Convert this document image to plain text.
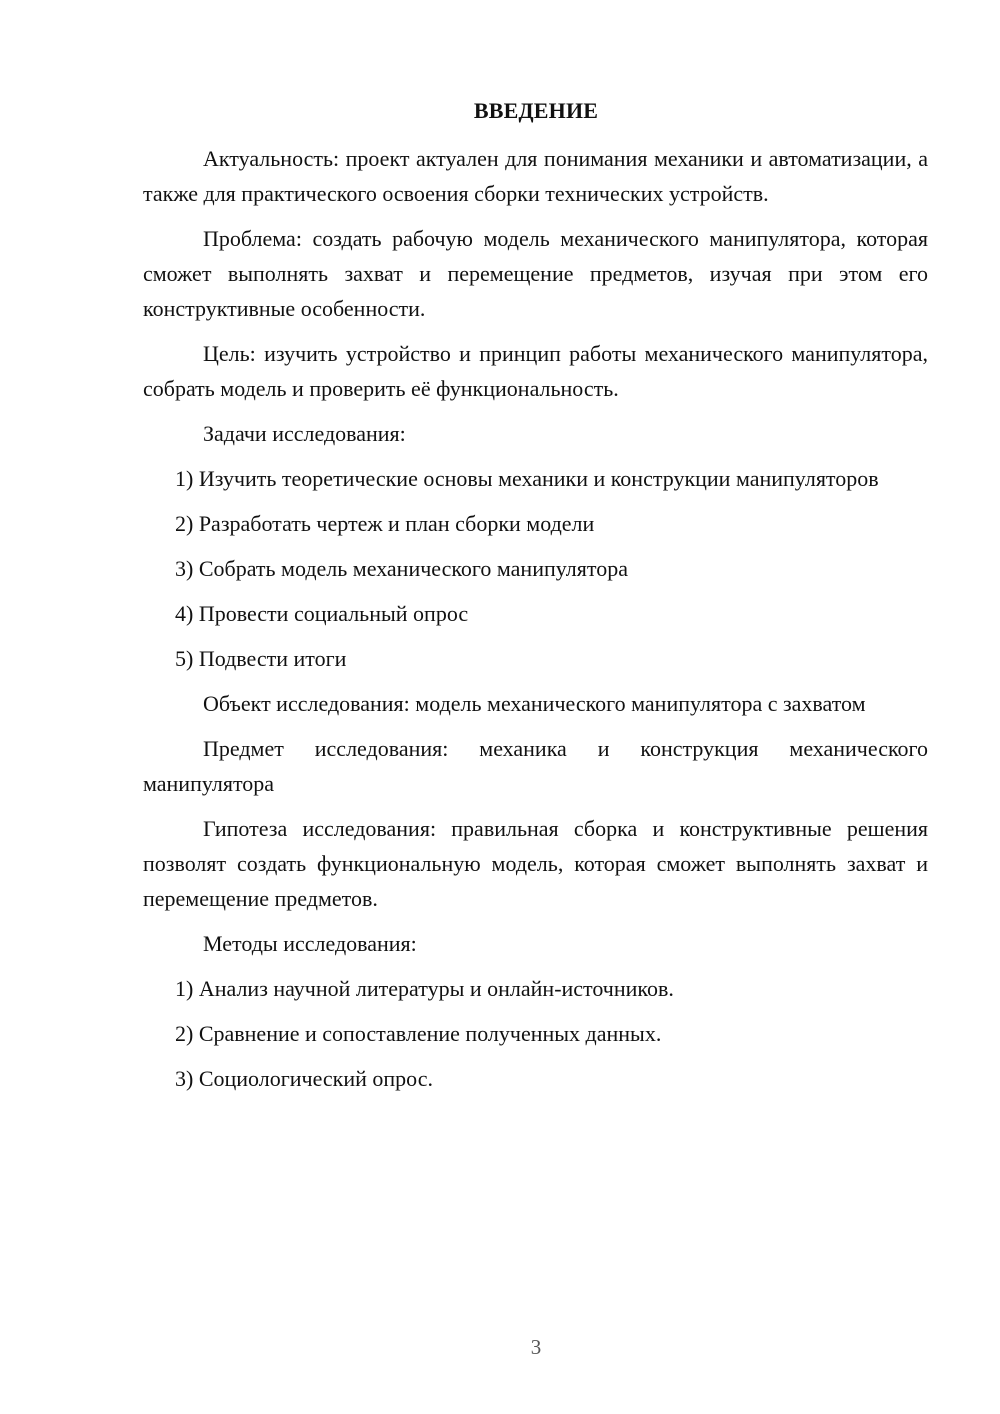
ВВЕДЕНИЕ

Актуальность: проект актуален для понимания механики и автоматизации, а также для практического освоения сборки технических устройств.

Проблема: создать рабочую модель механического манипулятора, которая сможет выполнять захват и перемещение предметов, изучая при этом его конструктивные особенности.

Цель: изучить устройство и принцип работы механического манипулятора, собрать модель и проверить её функциональность.

Задачи исследования:

1) Изучить теоретические основы механики и конструкции манипуляторов

2) Разработать чертеж и план сборки модели

3) Собрать модель механического манипулятора

4) Провести социальный опрос

5) Подвести итоги

Объект исследования: модель механического манипулятора с захватом

Предмет исследования: механика и конструкция механического манипулятора

Гипотеза исследования: правильная сборка и конструктивные решения позволят создать функциональную модель, которая сможет выполнять захват и перемещение предметов.

Методы исследования:

1) Анализ научной литературы и онлайн-источников.

2) Сравнение и сопоставление полученных данных.

3) Социологический опрос.

3
